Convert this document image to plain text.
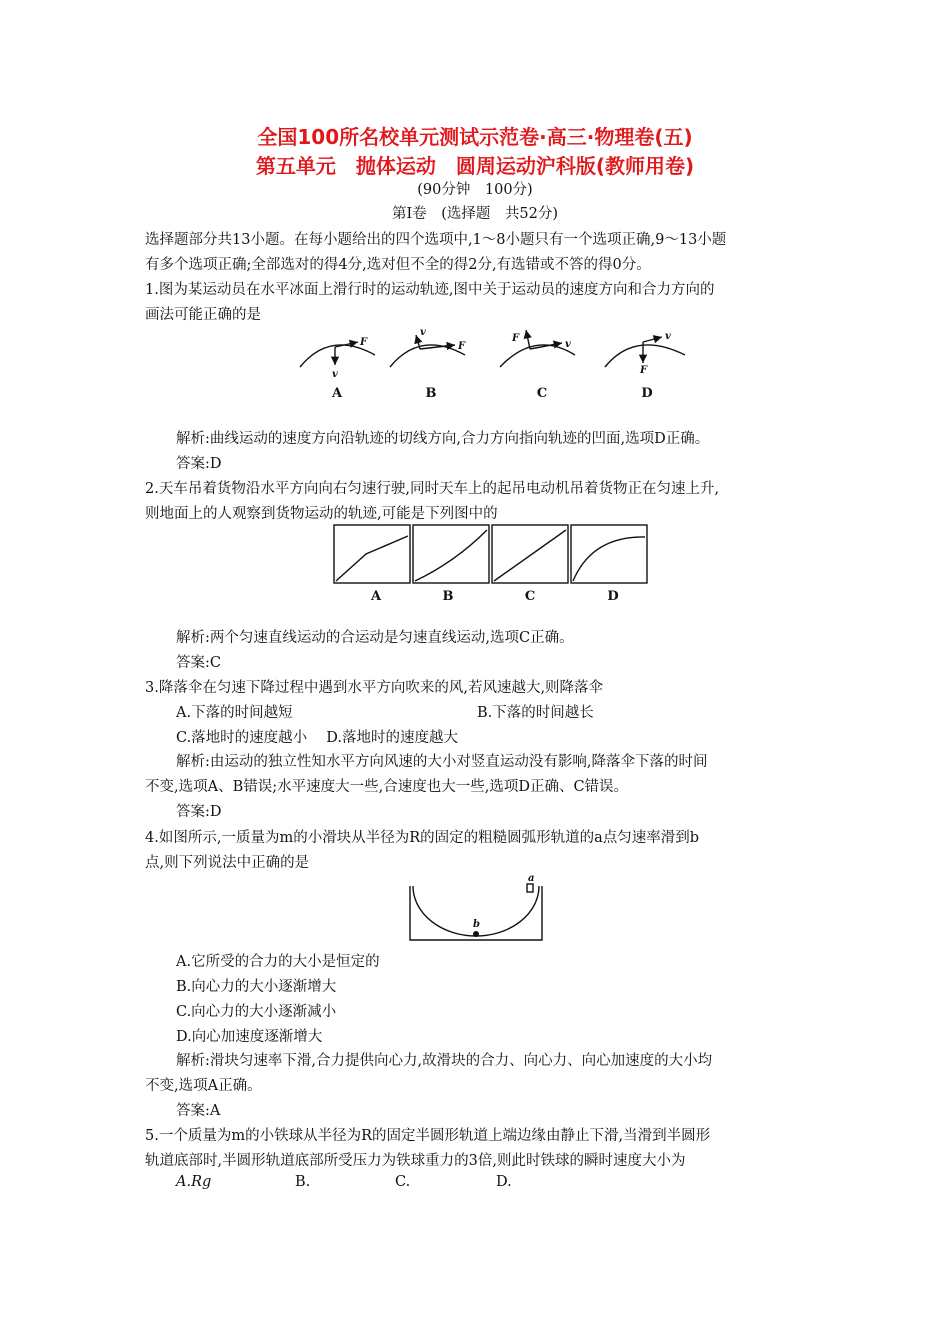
全国100所名校单元测试示范卷·高三·物理卷(五)
第五单元　抛体运动　圆周运动沪科版(教师用卷)
(90分钟　100分)
第Ⅰ卷　(选择题　共52分)
选择题部分共13小题。在每小题给出的四个选项中,1～8小题只有一个选项正确,9～13小题
有多个选项正确;全部选对的得4分,选对但不全的得2分,有选错或不答的得0分。
1.图为某运动员在水平冰面上滑行时的运动轨迹,图中关于运动员的速度方向和合力方向的
画法可能正确的是
F
v
F
v
F
v
v
F
A	B	C	D
解析:曲线运动的速度方向沿轨迹的切线方向,合力方向指向轨迹的凹面,选项D正确。
答案:D
2.天车吊着货物沿水平方向向右匀速行驶,同时天车上的起吊电动机吊着货物正在匀速上升,
则地面上的人观察到货物运动的轨迹,可能是下列图中的
A	B	C	D
解析:两个匀速直线运动的合运动是匀速直线运动,选项C正确。
答案:C
3.降落伞在匀速下降过程中遇到水平方向吹来的风,若风速越大,则降落伞
A.下落的时间越短	B.下落的时间越长
C.落地时的速度越小　 D.落地时的速度越大
解析:由运动的独立性知水平方向风速的大小对竖直运动没有影响,降落伞下落的时间
不变,选项A、B错误;水平速度大一些,合速度也大一些,选项D正确、C错误。
答案:D
4.如图所示,一质量为m的小滑块从半径为R的固定的粗糙圆弧形轨道的a点匀速率滑到b
点,则下列说法中正确的是
a
b
A.它所受的合力的大小是恒定的
B.向心力的大小逐渐增大
C.向心力的大小逐渐减小
D.向心加速度逐渐增大
解析:滑块匀速率下滑,合力提供向心力,故滑块的合力、向心力、向心加速度的大小均
不变,选项A正确。
答案:A
5.一个质量为m的小铁球从半径为R的固定半圆形轨道上端边缘由静止下滑,当滑到半圆形
轨道底部时,半圆形轨道底部所受压力为铁球重力的3倍,则此时铁球的瞬时速度大小为
A.Rg	B.	C.	D.
